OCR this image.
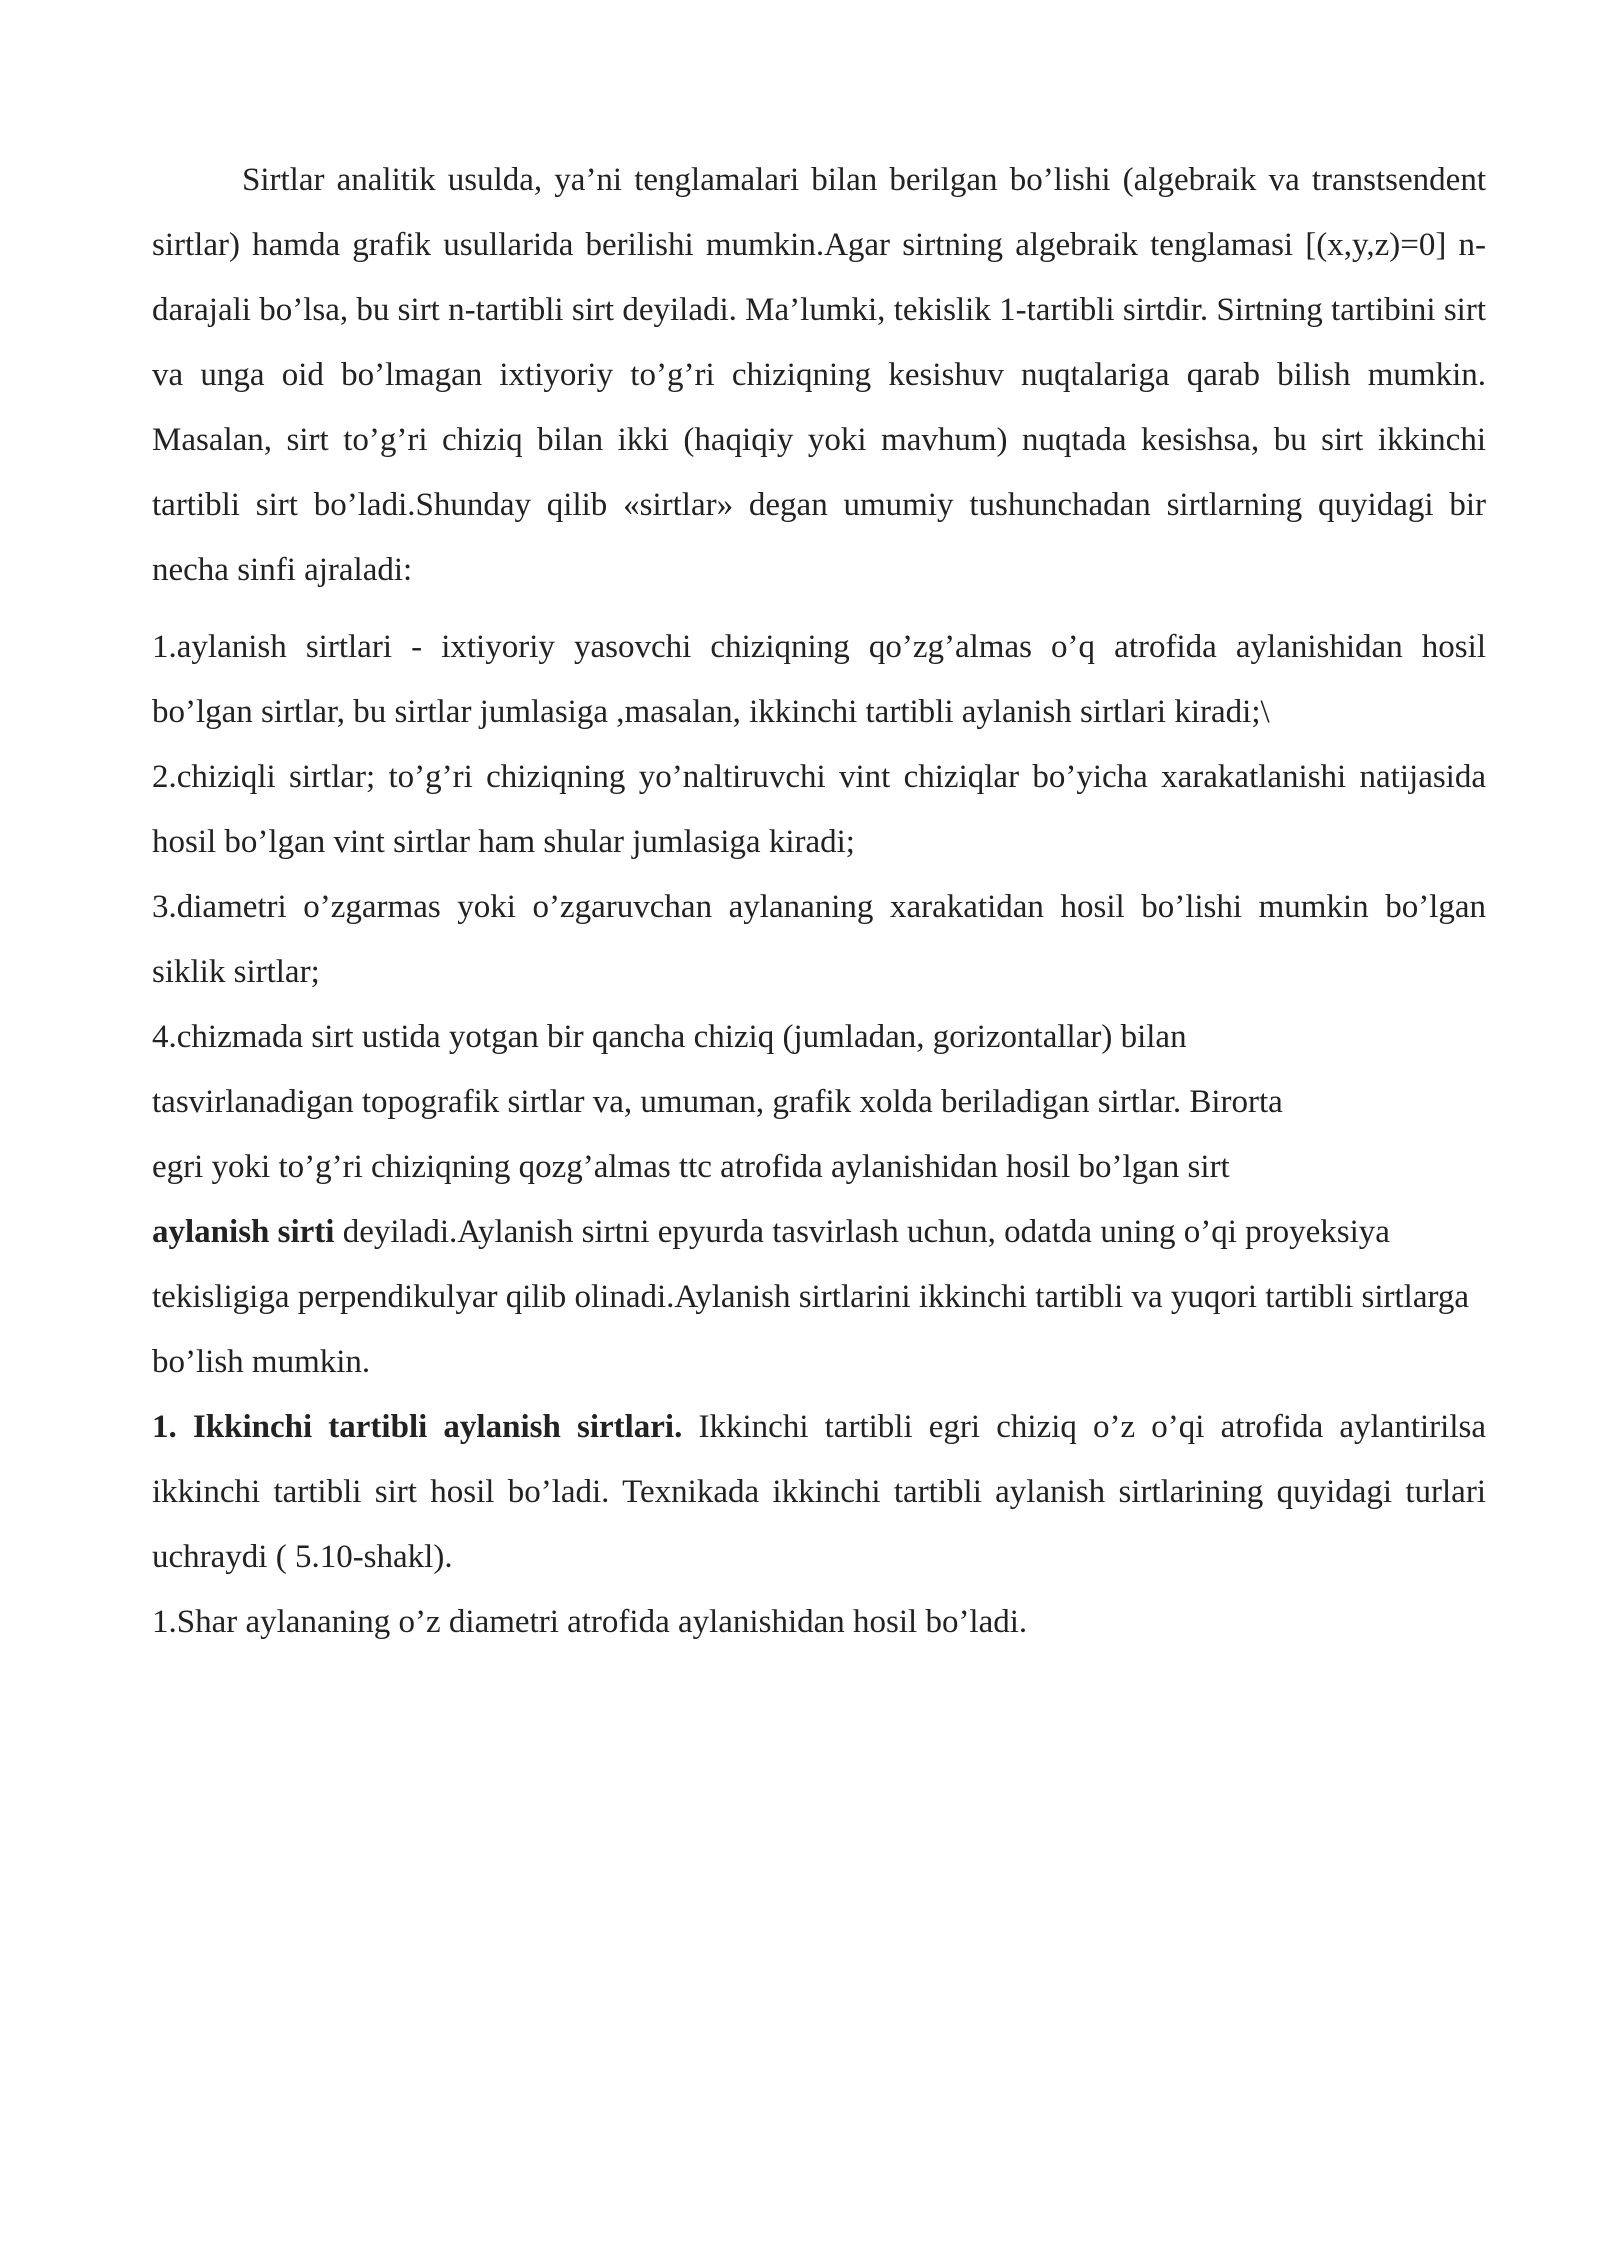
Sirtlar analitik usulda, ya’ni tenglamalari bilan berilgan bo’lishi (algebraik va transtsendent sirtlar) hamda grafik usullarida berilishi mumkin.Agar sirtning algebraik tenglamasi [(x,y,z)=0] n-darajali bo’lsa, bu sirt n-tartibli sirt deyiladi. Ma’lumki, tekislik 1-tartibli sirtdir. Sirtning tartibini sirt va unga oid bo’lmagan ixtiyoriy to’g’ri chiziqning kesishuv nuqtalariga qarab bilish mumkin. Masalan, sirt to’g’ri chiziq bilan ikki (haqiqiy yoki mavhum) nuqtada kesishsa, bu sirt ikkinchi tartibli sirt bo’ladi.Shunday qilib «sirtlar» degan umumiy tushunchadan sirtlarning quyidagi bir necha sinfi ajraladi:

1.aylanish sirtlari - ixtiyoriy yasovchi chiziqning qo’zg’almas o’q atrofida aylanishidan hosil bo’lgan sirtlar, bu sirtlar jumlasiga ,masalan, ikkinchi tartibli aylanish sirtlari kiradi;\

2.chiziqli sirtlar; to’g’ri chiziqning yo’naltiruvchi vint chiziqlar bo’yicha xarakatlanishi natijasida hosil bo’lgan vint sirtlar ham shular jumlasiga kiradi;

3.diametri o’zgarmas yoki o’zgaruvchan aylananing xarakatidan hosil bo’lishi mumkin bo’lgan siklik sirtlar;

4.chizmada sirt ustida yotgan bir qancha chiziq (jumladan, gorizontallar) bilan
tasvirlanadigan topografik sirtlar va, umuman, grafik xolda beriladigan sirtlar. Birorta
egri yoki to’g’ri chiziqning qozg’almas ttc atrofida aylanishidan hosil bo’lgan sirt
aylanish sirti deyiladi.Aylanish sirtni epyurda tasvirlash uchun, odatda uning o’qi proyeksiya tekisligiga perpendikulyar qilib olinadi.Aylanish sirtlarini ikkinchi tartibli va yuqori tartibli sirtlarga bo’lish mumkin.

1. Ikkinchi tartibli aylanish sirtlari. Ikkinchi tartibli egri chiziq o’z o’qi atrofida aylantirilsa ikkinchi tartibli sirt hosil bo’ladi. Texnikada ikkinchi tartibli aylanish sirtlarining quyidagi turlari uchraydi ( 5.10-shakl).

1.Shar aylananing o’z diametri atrofida aylanishidan hosil bo’ladi.
